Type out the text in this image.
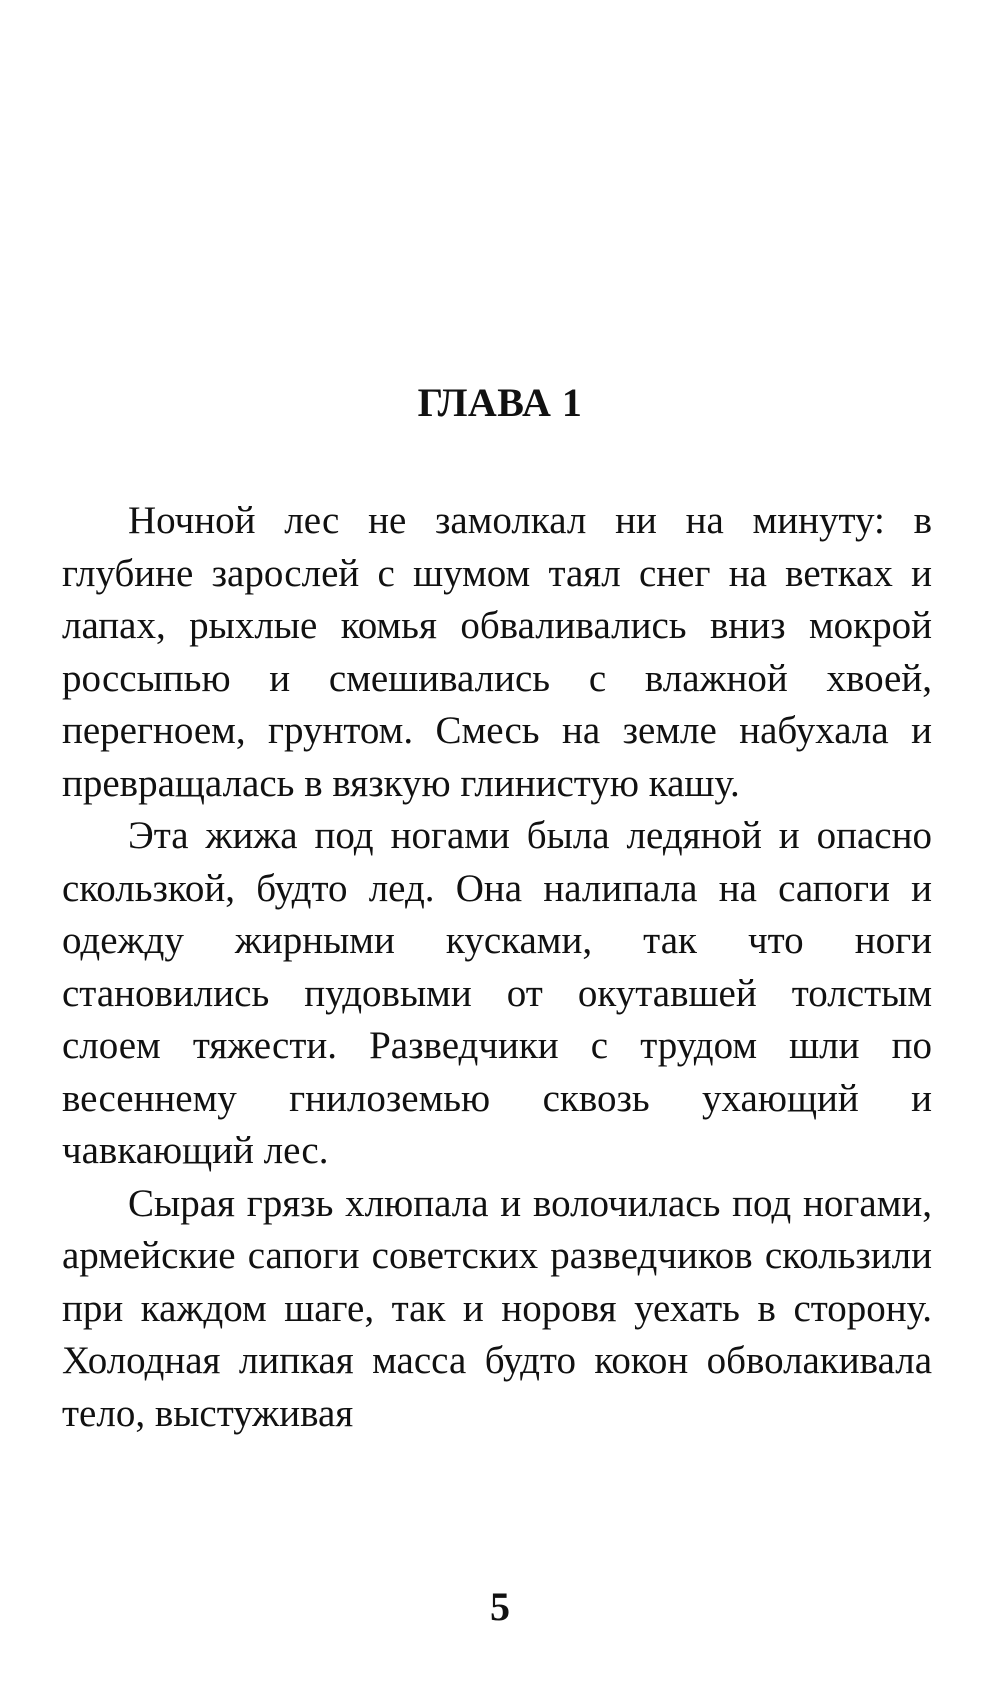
ГЛАВА 1

Ночной лес не замолкал ни на минуту: в глубине зарослей с шумом таял снег на ветках и лапах, рыхлые комья обваливались вниз мокрой россыпью и смешивались с влажной хвоей, перегноем, грунтом. Смесь на земле набухала и превращалась в вязкую глинистую кашу.

Эта жижа под ногами была ледяной и опасно скользкой, будто лед. Она налипала на сапоги и одежду жирными кусками, так что ноги становились пудовыми от окутавшей толстым слоем тяжести. Разведчики с трудом шли по весеннему гнилоземью сквозь ухающий и чавкающий лес.

Сырая грязь хлюпала и волочилась под ногами, армейские сапоги советских разведчиков скользили при каждом шаге, так и норовя уехать в сторону. Холодная липкая масса будто кокон обволакивала тело, выстуживая

5
